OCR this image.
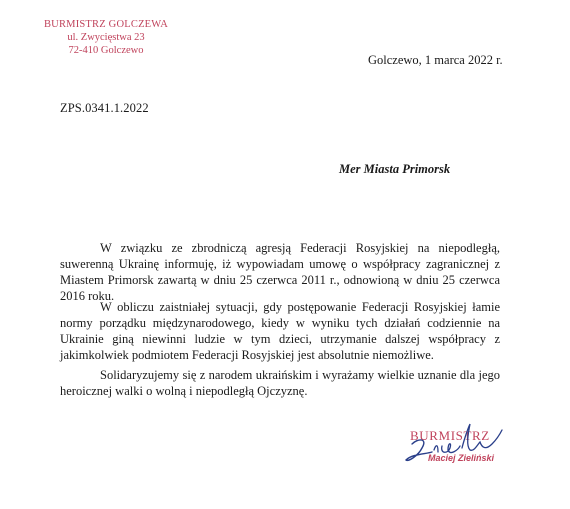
BURMISTRZ GOLCZEWA
ul. Zwycięstwa 23
72-410 Golczewo
Golczewo, 1 marca 2022 r.
ZPS.0341.1.2022
Mer Miasta Primorsk
W związku ze zbrodniczą agresją Federacji Rosyjskiej na niepodległą, suwerenną Ukrainę informuję, iż wypowiadam umowę o współpracy zagranicznej z Miastem Primorsk zawartą w dniu 25 czerwca 2011 r., odnowioną w dniu 25 czerwca 2016 roku.
W obliczu zaistniałej sytuacji, gdy postępowanie Federacji Rosyjskiej łamie normy porządku międzynarodowego, kiedy w wyniku tych działań codziennie na Ukrainie giną niewinni ludzie w tym dzieci, utrzymanie dalszej współpracy z jakimkolwiek podmiotem Federacji Rosyjskiej jest absolutnie niemożliwe.
Solidaryzujemy się z narodem ukraińskim i wyrażamy wielkie uznanie dla jego heroicznej walki o wolną i niepodległą Ojczyznę.
BURMISTRZ
Maciej Zieliński
